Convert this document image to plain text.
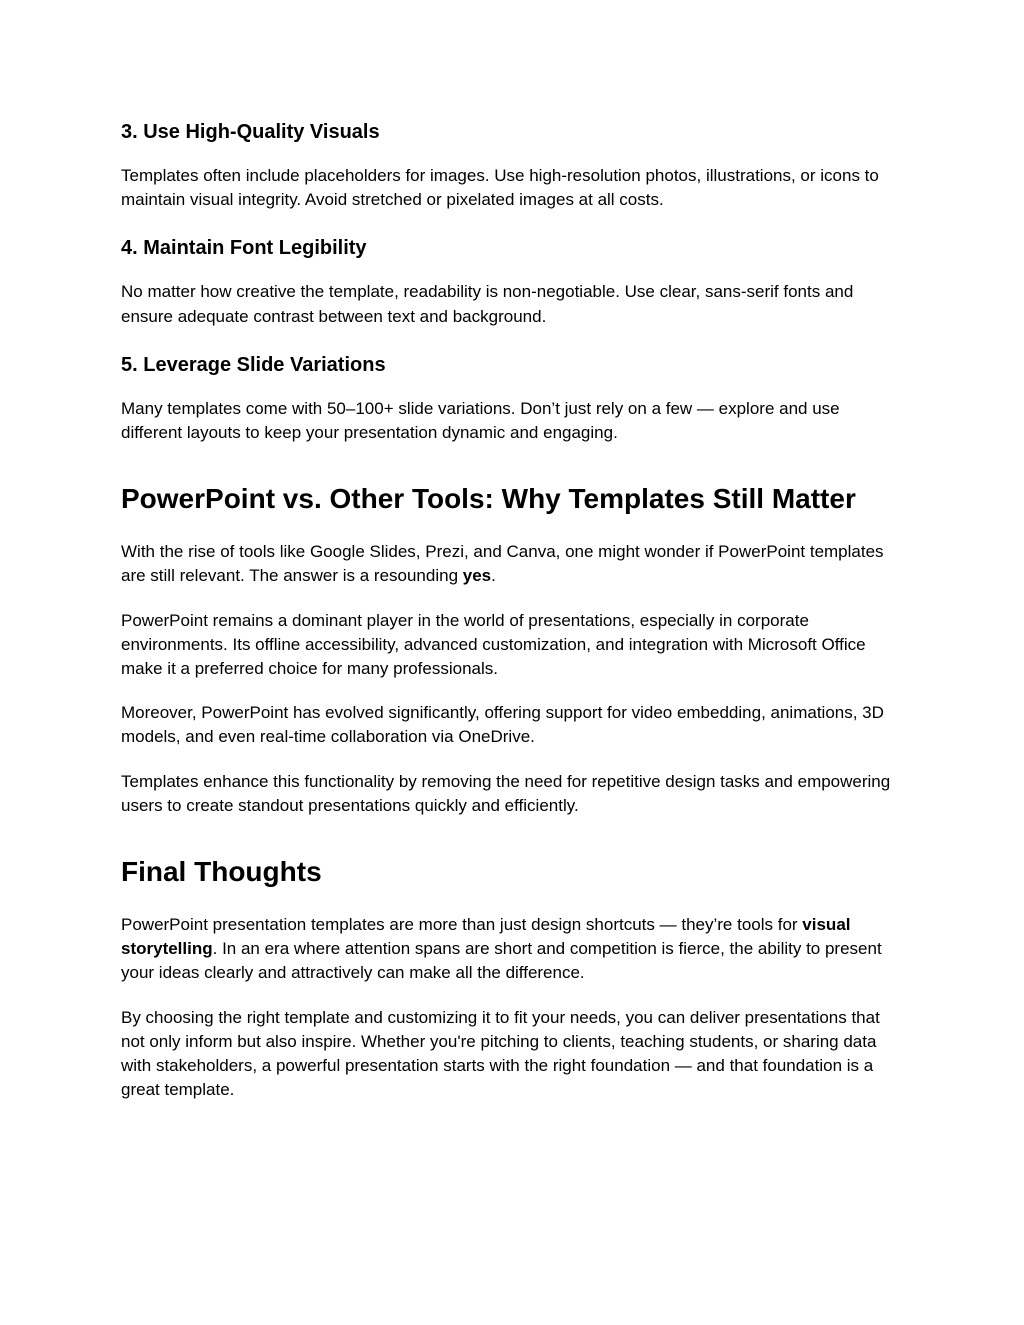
3. Use High-Quality Visuals

Templates often include placeholders for images. Use high-resolution photos, illustrations, or icons to maintain visual integrity. Avoid stretched or pixelated images at all costs.

4. Maintain Font Legibility

No matter how creative the template, readability is non-negotiable. Use clear, sans-serif fonts and ensure adequate contrast between text and background.

5. Leverage Slide Variations

Many templates come with 50–100+ slide variations. Don’t just rely on a few — explore and use different layouts to keep your presentation dynamic and engaging.

PowerPoint vs. Other Tools: Why Templates Still Matter

With the rise of tools like Google Slides, Prezi, and Canva, one might wonder if PowerPoint templates are still relevant. The answer is a resounding yes.

PowerPoint remains a dominant player in the world of presentations, especially in corporate environments. Its offline accessibility, advanced customization, and integration with Microsoft Office make it a preferred choice for many professionals.

Moreover, PowerPoint has evolved significantly, offering support for video embedding, animations, 3D models, and even real-time collaboration via OneDrive.

Templates enhance this functionality by removing the need for repetitive design tasks and empowering users to create standout presentations quickly and efficiently.

Final Thoughts

PowerPoint presentation templates are more than just design shortcuts — they’re tools for visual storytelling. In an era where attention spans are short and competition is fierce, the ability to present your ideas clearly and attractively can make all the difference.

By choosing the right template and customizing it to fit your needs, you can deliver presentations that not only inform but also inspire. Whether you're pitching to clients, teaching students, or sharing data with stakeholders, a powerful presentation starts with the right foundation — and that foundation is a great template.
